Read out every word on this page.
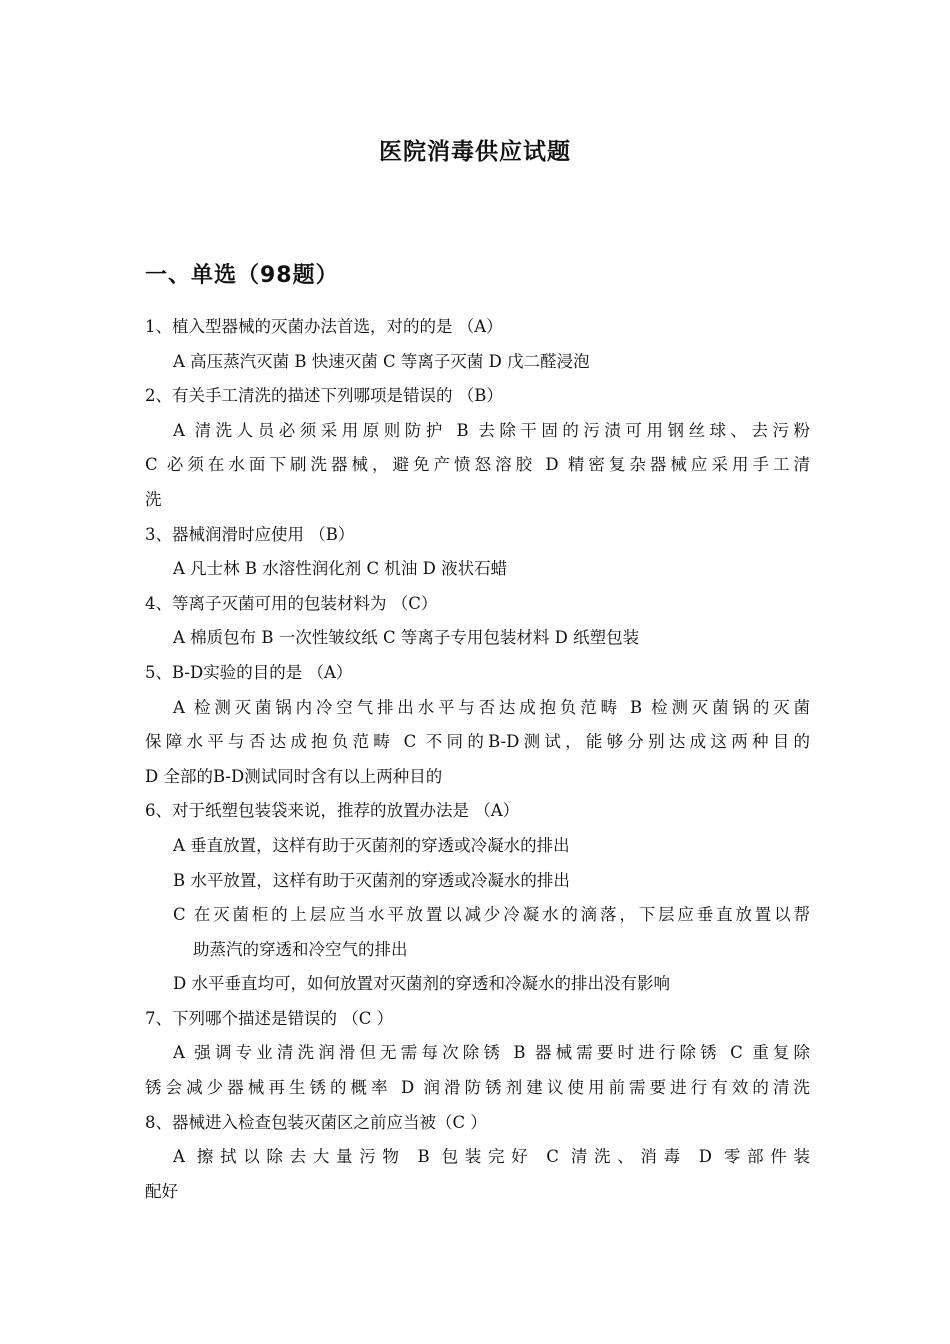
医院消毒供应试题
一、单选（98题）
1、植入型器械的灭菌办法首选，对的的是 （A）
A 高压蒸汽灭菌 B 快速灭菌 C 等离子灭菌 D 戊二醛浸泡
2、有关手工清洗的描述下列哪项是错误的 （B）
A 清洗人员必须采用原则防护 B 去除干固的污渍可用钢丝球、去污粉
C 必须在水面下刷洗器械，避免产愤怒溶胶 D 精密复杂器械应采用手工清
洗
3、器械润滑时应使用 （B）
A 凡士林 B 水溶性润化剂 C 机油 D 液状石蜡
4、等离子灭菌可用的包装材料为 （C）
A 棉质包布 B 一次性皱纹纸 C 等离子专用包装材料 D 纸塑包装
5、B-D实验的目的是 （A）
A 检测灭菌锅内冷空气排出水平与否达成抱负范畴 B 检测灭菌锅的灭菌
保障水平与否达成抱负范畴 C 不同的B-D测试，能够分别达成这两种目的
D 全部的B-D测试同时含有以上两种目的
6、对于纸塑包装袋来说，推荐的放置办法是 （A）
A 垂直放置，这样有助于灭菌剂的穿透或冷凝水的排出
B 水平放置，这样有助于灭菌剂的穿透或冷凝水的排出
C 在灭菌柜的上层应当水平放置以减少冷凝水的滴落，下层应垂直放置以帮
助蒸汽的穿透和冷空气的排出
D 水平垂直均可，如何放置对灭菌剂的穿透和冷凝水的排出没有影响
7、下列哪个描述是错误的 （C ）
A 强调专业清洗润滑但无需每次除锈 B 器械需要时进行除锈 C 重复除
锈会减少器械再生锈的概率 D 润滑防锈剂建议使用前需要进行有效的清洗
8、器械进入检查包装灭菌区之前应当被（C ）
A 擦拭以除去大量污物 B 包装完好 C 清洗、消毒 D 零部件装
配好
